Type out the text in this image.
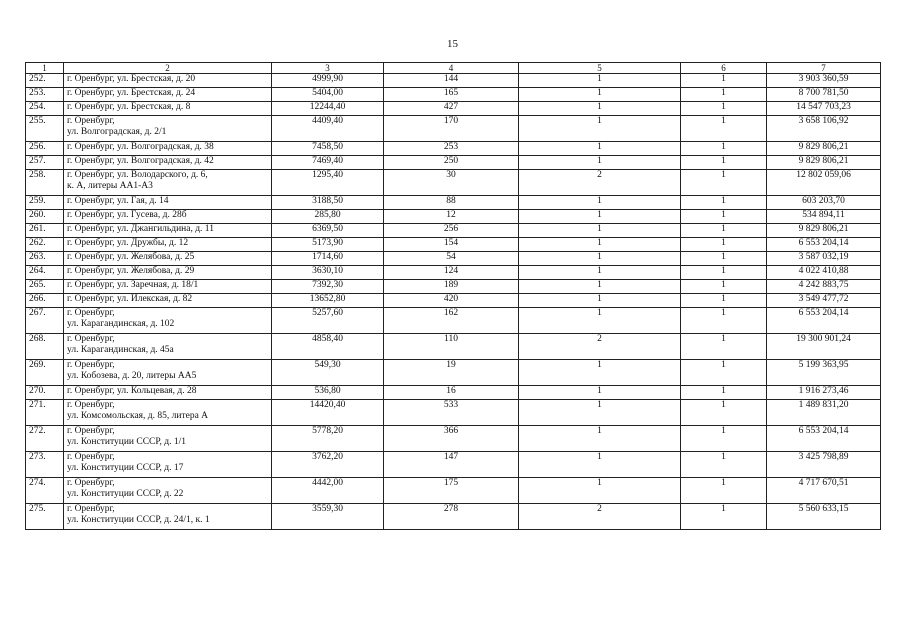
15
1	2	3	4	5	6	7
252.	г. Оренбург, ул. Брестская, д. 20	4999,90	144	1	1	3 903 360,59
253.	г. Оренбург, ул. Брестская, д. 24	5404,00	165	1	1	8 700 781,50
254.	г. Оренбург, ул. Брестская, д. 8	12244,40	427	1	1	14 547 703,23
255.	г. Оренбург,
ул. Волгоградская, д. 2/1	4409,40	170	1	1	3 658 106,92
256.	г. Оренбург, ул. Волгоградская, д. 38	7458,50	253	1	1	9 829 806,21
257.	г. Оренбург, ул. Волгоградская, д. 42	7469,40	250	1	1	9 829 806,21
258.	г. Оренбург, ул. Володарского, д. 6,
к. А, литеры АА1-А3	1295,40	30	2	1	12 802 059,06
259.	г. Оренбург, ул. Гая, д. 14	3188,50	88	1	1	603 203,70
260.	г. Оренбург, ул. Гусева, д. 28б	285,80	12	1	1	534 894,11
261.	г. Оренбург, ул. Джангильдина, д. 11	6369,50	256	1	1	9 829 806,21
262.	г. Оренбург, ул. Дружбы, д. 12	5173,90	154	1	1	6 553 204,14
263.	г. Оренбург, ул. Желябова, д. 25	1714,60	54	1	1	3 587 032,19
264.	г. Оренбург, ул. Желябова, д. 29	3630,10	124	1	1	4 022 410,88
265.	г. Оренбург, ул. Заречная, д. 18/1	7392,30	189	1	1	4 242 883,75
266.	г. Оренбург, ул. Илекская, д. 82	13652,80	420	1	1	3 549 477,72
267.	г. Оренбург,
ул. Карагандинская, д. 102	5257,60	162	1	1	6 553 204,14
268.	г. Оренбург,
ул. Карагандинская, д. 45а	4858,40	110	2	1	19 300 901,24
269.	г. Оренбург,
ул. Кобозева, д. 20, литеры АА5	549,30	19	1	1	5 199 363,95
270.	г. Оренбург, ул. Кольцевая, д. 28	536,80	16	1	1	1 916 273,46
271.	г. Оренбург,
ул. Комсомольская, д. 85, литера А	14420,40	533	1	1	1 489 831,20
272.	г. Оренбург,
ул. Конституции СССР, д. 1/1	5778,20	366	1	1	6 553 204,14
273.	г. Оренбург,
ул. Конституции СССР, д. 17	3762,20	147	1	1	3 425 798,89
274.	г. Оренбург,
ул. Конституции СССР, д. 22	4442,00	175	1	1	4 717 670,51
275.	г. Оренбург,
ул. Конституции СССР, д. 24/1, к. 1	3559,30	278	2	1	5 560 633,15
